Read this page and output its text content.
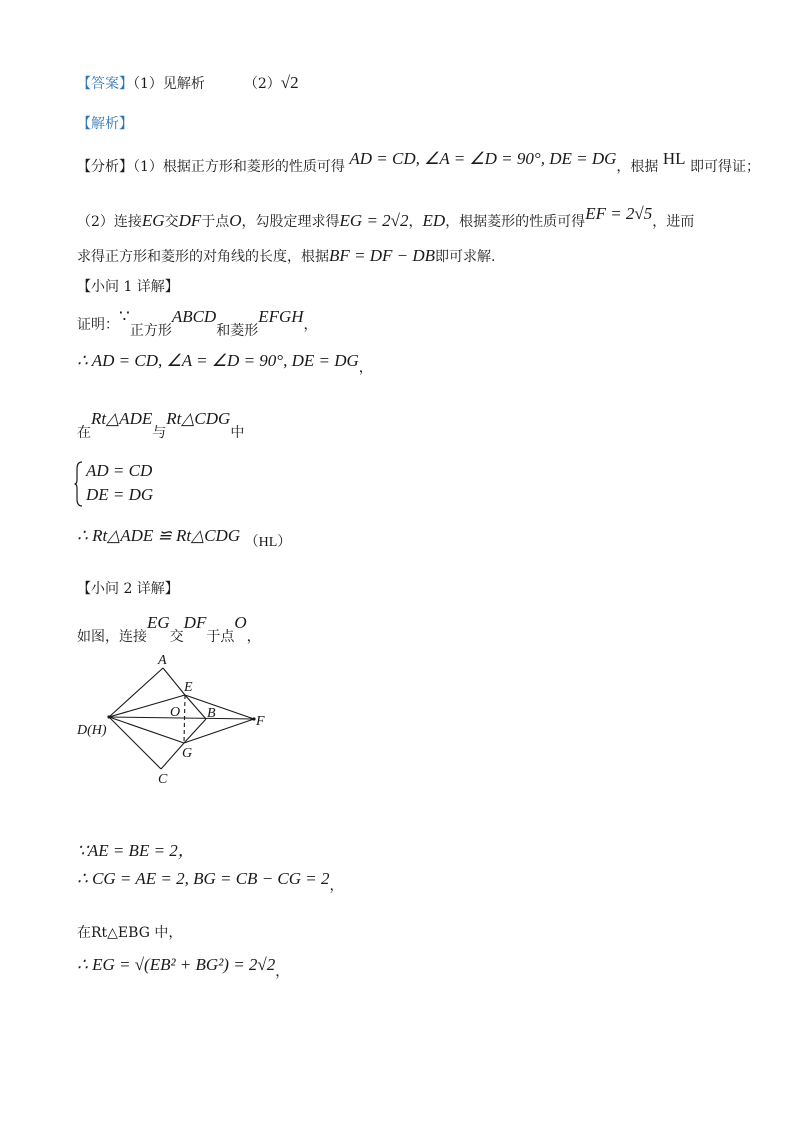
【答案】（1）见解析	（2）√2
【解析】
【分析】（1）根据正方形和菱形的性质可得 AD = CD, ∠A = ∠D = 90°, DE = DG，根据 HL 即可得证；
（2）连接EG交DF于点O，勾股定理求得EG = 2√2，ED，根据菱形的性质可得EF = 2√5，进而
求得正方形和菱形的对角线的长度，根据BF = DF − DB即可求解.
【小问 1 详解】
证明：∵正方形ABCD和菱形EFGH，
∴ AD = CD, ∠A = ∠D = 90°, DE = DG，
在Rt△ADE与Rt△CDG中
AD = CD
DE = DG
∴ Rt△ADE ≌ Rt△CDG （HL）
【小问 2 详解】
如图，连接EG交DF于点O，
A
E
O B
F
D(H)
G
C
∵AE = BE = 2，
∴ CG = AE = 2, BG = CB − CG = 2，
在Rt△EBG 中，
∴ EG = √(EB² + BG²) = 2√2，
